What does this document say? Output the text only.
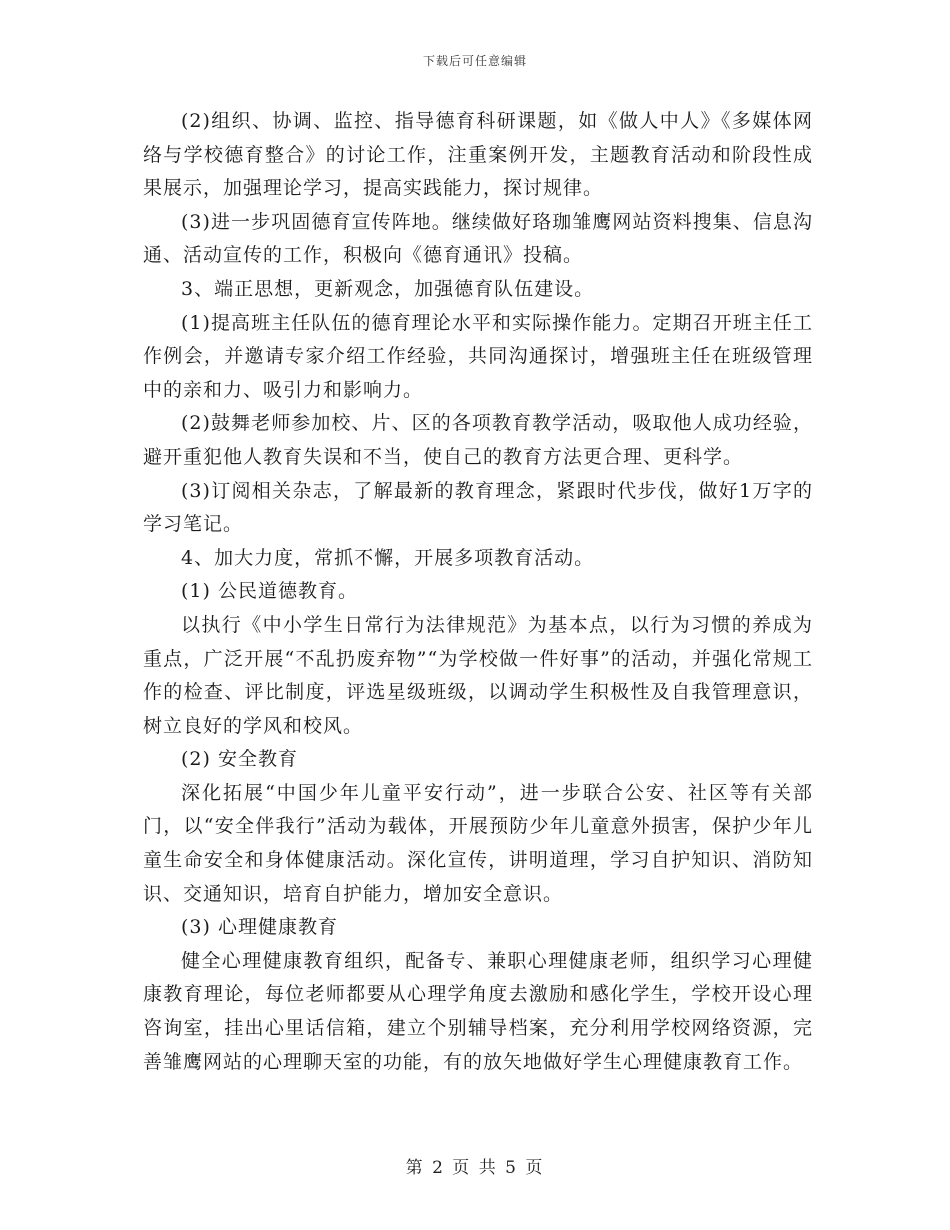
下载后可任意编辑

(2)组织、协调、监控、指导德育科研课题，如《做人中人》《多媒体网络与学校德育整合》的讨论工作，注重案例开发，主题教育活动和阶段性成果展示，加强理论学习，提高实践能力，探讨规律。

(3)进一步巩固德育宣传阵地。继续做好珞珈雏鹰网站资料搜集、信息沟通、活动宣传的工作，积极向《德育通讯》投稿。

3、端正思想，更新观念，加强德育队伍建设。

(1)提高班主任队伍的德育理论水平和实际操作能力。定期召开班主任工作例会，并邀请专家介绍工作经验，共同沟通探讨，增强班主任在班级管理中的亲和力、吸引力和影响力。

(2)鼓舞老师参加校、片、区的各项教育教学活动，吸取他人成功经验，避开重犯他人教育失误和不当，使自己的教育方法更合理、更科学。

(3)订阅相关杂志，了解最新的教育理念，紧跟时代步伐，做好1万字的学习笔记。

4、加大力度，常抓不懈，开展多项教育活动。

(1) 公民道德教育。

以执行《中小学生日常行为法律规范》为基本点，以行为习惯的养成为重点，广泛开展“不乱扔废弃物”“为学校做一件好事”的活动，并强化常规工作的检查、评比制度，评选星级班级，以调动学生积极性及自我管理意识，树立良好的学风和校风。

(2) 安全教育

深化拓展“中国少年儿童平安行动”，进一步联合公安、社区等有关部门，以“安全伴我行”活动为载体，开展预防少年儿童意外损害，保护少年儿童生命安全和身体健康活动。深化宣传，讲明道理，学习自护知识、消防知识、交通知识，培育自护能力，增加安全意识。

(3) 心理健康教育

健全心理健康教育组织，配备专、兼职心理健康老师，组织学习心理健康教育理论，每位老师都要从心理学角度去激励和感化学生，学校开设心理咨询室，挂出心里话信箱，建立个别辅导档案，充分利用学校网络资源，完善雏鹰网站的心理聊天室的功能，有的放矢地做好学生心理健康教育工作。

第 2 页 共 5 页
